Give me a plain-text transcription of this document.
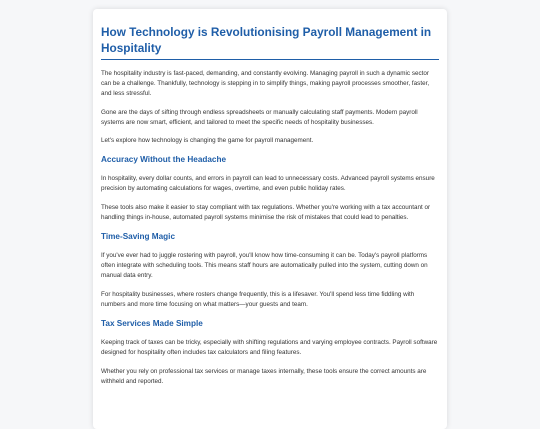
How Technology is Revolutionising Payroll Management in Hospitality

The hospitality industry is fast-paced, demanding, and constantly evolving. Managing payroll in such a dynamic sector can be a challenge. Thankfully, technology is stepping in to simplify things, making payroll processes smoother, faster, and less stressful.

Gone are the days of sifting through endless spreadsheets or manually calculating staff payments. Modern payroll systems are now smart, efficient, and tailored to meet the specific needs of hospitality businesses.

Let's explore how technology is changing the game for payroll management.

Accuracy Without the Headache

In hospitality, every dollar counts, and errors in payroll can lead to unnecessary costs. Advanced payroll systems ensure precision by automating calculations for wages, overtime, and even public holiday rates.

These tools also make it easier to stay compliant with tax regulations. Whether you're working with a tax accountant or handling things in-house, automated payroll systems minimise the risk of mistakes that could lead to penalties.

Time-Saving Magic

If you've ever had to juggle rostering with payroll, you'll know how time-consuming it can be. Today's payroll platforms often integrate with scheduling tools. This means staff hours are automatically pulled into the system, cutting down on manual data entry.

For hospitality businesses, where rosters change frequently, this is a lifesaver. You'll spend less time fiddling with numbers and more time focusing on what matters—your guests and team.

Tax Services Made Simple

Keeping track of taxes can be tricky, especially with shifting regulations and varying employee contracts. Payroll software designed for hospitality often includes tax calculators and filing features.

Whether you rely on professional tax services or manage taxes internally, these tools ensure the correct amounts are withheld and reported.
